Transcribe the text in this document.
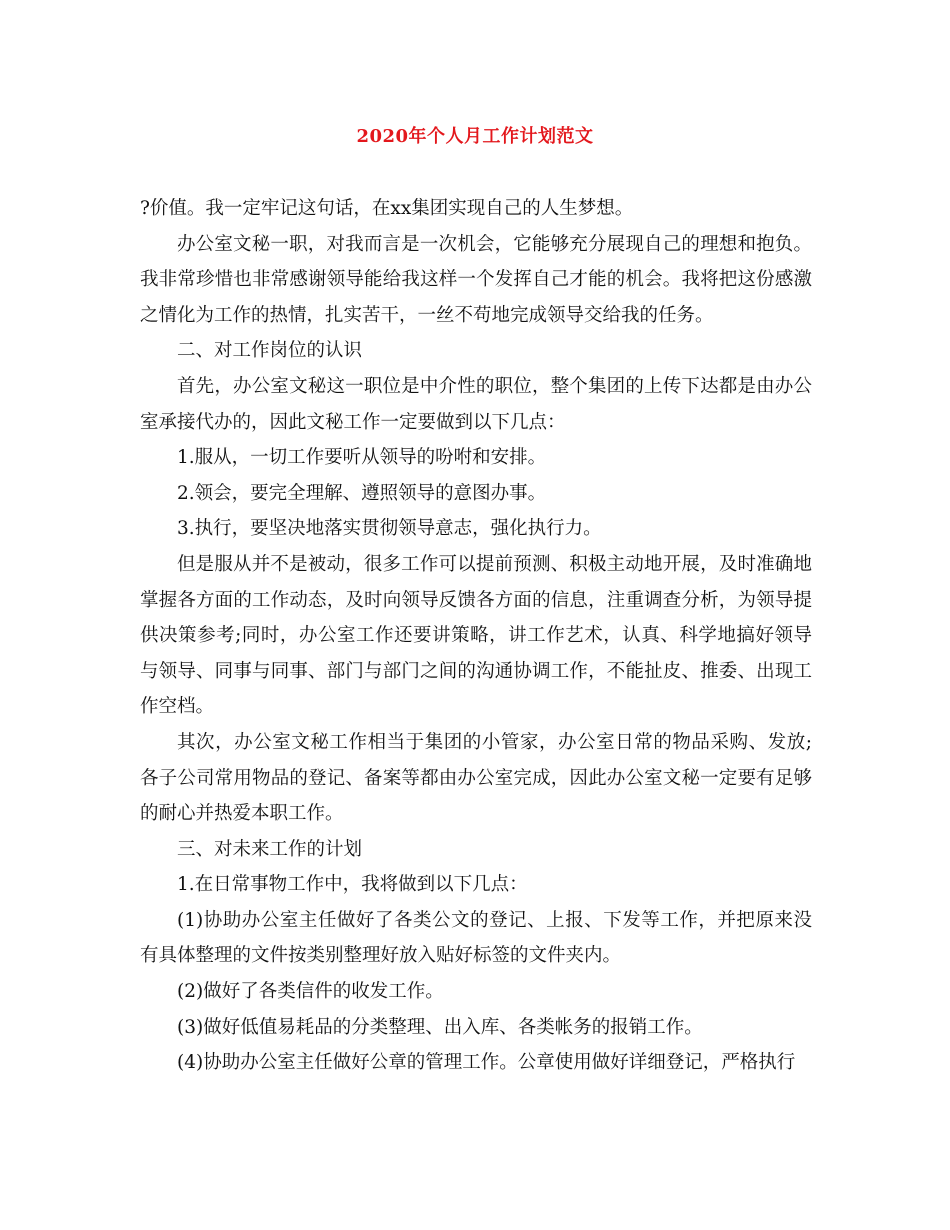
2020年个人月工作计划范文

?价值。我一定牢记这句话，在xx集团实现自己的人生梦想。

办公室文秘一职，对我而言是一次机会，它能够充分展现自己的理想和抱负。我非常珍惜也非常感谢领导能给我这样一个发挥自己才能的机会。我将把这份感激之情化为工作的热情，扎实苦干，一丝不苟地完成领导交给我的任务。

二、对工作岗位的认识

首先，办公室文秘这一职位是中介性的职位，整个集团的上传下达都是由办公室承接代办的，因此文秘工作一定要做到以下几点：

1.服从，一切工作要听从领导的吩咐和安排。

2.领会，要完全理解、遵照领导的意图办事。

3.执行，要坚决地落实贯彻领导意志，强化执行力。

但是服从并不是被动，很多工作可以提前预测、积极主动地开展，及时准确地掌握各方面的工作动态，及时向领导反馈各方面的信息，注重调查分析，为领导提供决策参考;同时，办公室工作还要讲策略，讲工作艺术，认真、科学地搞好领导与领导、同事与同事、部门与部门之间的沟通协调工作，不能扯皮、推委、出现工作空档。

其次，办公室文秘工作相当于集团的小管家，办公室日常的物品采购、发放;各子公司常用物品的登记、备案等都由办公室完成，因此办公室文秘一定要有足够的耐心并热爱本职工作。

三、对未来工作的计划

1.在日常事物工作中，我将做到以下几点：

(1)协助办公室主任做好了各类公文的登记、上报、下发等工作，并把原来没有具体整理的文件按类别整理好放入贴好标签的文件夹内。

(2)做好了各类信件的收发工作。

(3)做好低值易耗品的分类整理、出入库、各类帐务的报销工作。

(4)协助办公室主任做好公章的管理工作。公章使用做好详细登记，严格执行
